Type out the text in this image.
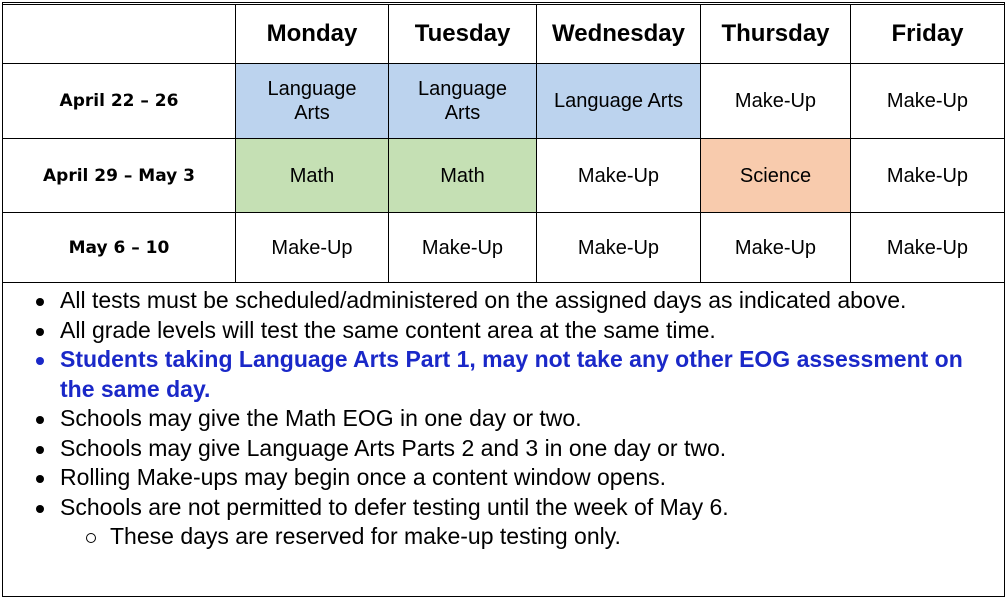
	Monday	Tuesday	Wednesday	Thursday	Friday
April 22 – 26	Language Arts	Language Arts	Language Arts	Make-Up	Make-Up
April 29 – May 3	Math	Math	Make-Up	Science	Make-Up
May 6 – 10	Make-Up	Make-Up	Make-Up	Make-Up	Make-Up
All tests must be scheduled/administered on the assigned days as indicated above.
All grade levels will test the same content area at the same time.
Students taking Language Arts Part 1, may not take any other EOG assessment on the same day.
Schools may give the Math EOG in one day or two.
Schools may give Language Arts Parts 2 and 3 in one day or two.
Rolling Make-ups may begin once a content window opens.
Schools are not permitted to defer testing until the week of May 6.
These days are reserved for make-up testing only.
